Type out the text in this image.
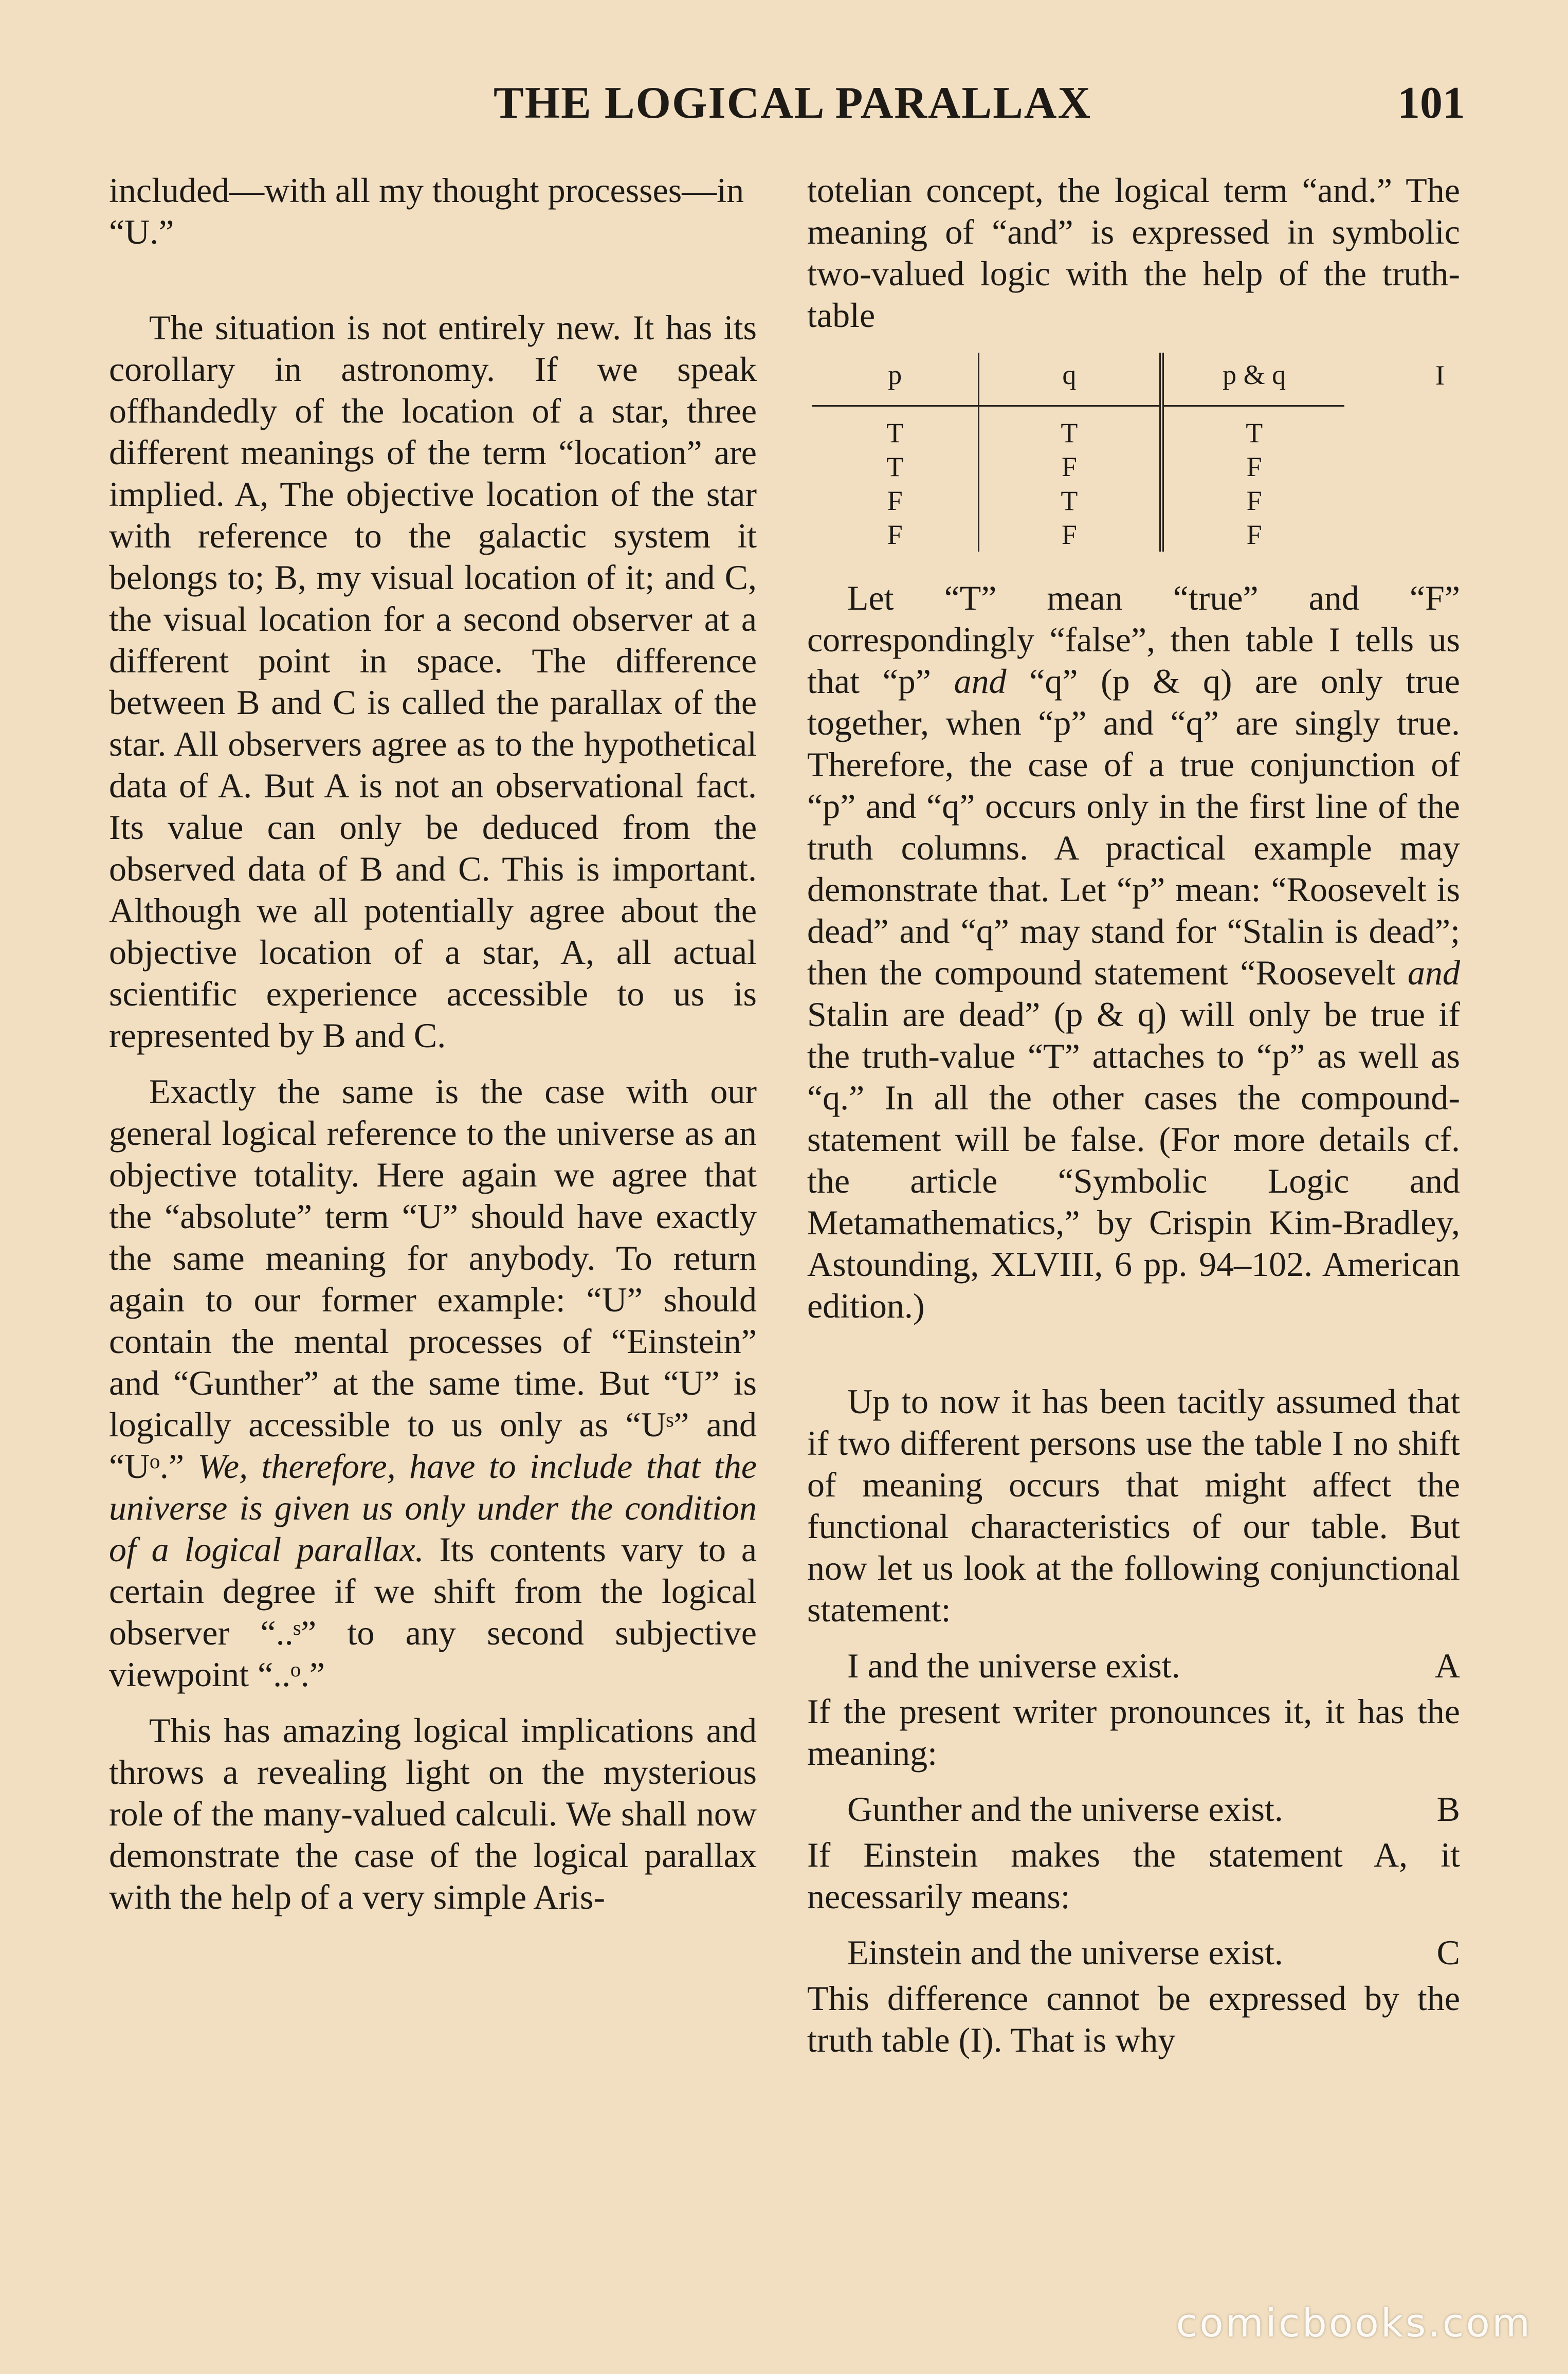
THE LOGICAL PARALLAX	101

included—with all my thought processes—in “U.”

The situation is not entirely new. It has its corollary in astronomy. If we speak offhandedly of the location of a star, three different meanings of the term “location” are implied. A, The objective location of the star with reference to the galactic system it belongs to; B, my visual location of it; and C, the visual location for a second observer at a different point in space. The difference between B and C is called the parallax of the star. All observers agree as to the hypothetical data of A. But A is not an observational fact. Its value can only be deduced from the observed data of B and C. This is important. Although we all potentially agree about the objective location of a star, A, all actual scientific experience accessible to us is represented by B and C.

Exactly the same is the case with our general logical reference to the universe as an objective totality. Here again we agree that the “absolute” term “U” should have exactly the same meaning for anybody. To return again to our former example: “U” should contain the mental processes of “Einstein” and “Gunther” at the same time. But “U” is logically accessible to us only as “Uˢ” and “Uᵒ.” We, therefore, have to include that the universe is given us only under the condition of a logical parallax. Its contents vary to a certain degree if we shift from the logical observer “..ˢ” to any second subjective viewpoint “..ᵒ.”

This has amazing logical implications and throws a revealing light on the mysterious role of the many-valued calculi. We shall now demonstrate the case of the logical parallax with the help of a very simple Aris-

totelian concept, the logical term “and.” The meaning of “and” is expressed in symbolic two-valued logic with the help of the truth-table

p	q	p & q	I
T	T	T	
T	F	F	
F	T	F	
F	F	F	

Let “T” mean “true” and “F” correspondingly “false”, then table I tells us that “p” and “q” (p & q) are only true together, when “p” and “q” are singly true. Therefore, the case of a true conjunction of “p” and “q” occurs only in the first line of the truth columns. A practical example may demonstrate that. Let “p” mean: “Roosevelt is dead” and “q” may stand for “Stalin is dead”; then the compound statement “Roosevelt and Stalin are dead” (p & q) will only be true if the truth-value “T” attaches to “p” as well as “q.” In all the other cases the compound-statement will be false. (For more details cf. the article “Symbolic Logic and Metamathematics,” by Crispin Kim-Bradley, Astounding, XLVIII, 6 pp. 94–102. American edition.)

Up to now it has been tacitly assumed that if two different persons use the table I no shift of meaning occurs that might affect the functional characteristics of our table. But now let us look at the following conjunctional statement:

I and the universe exist.	A

If the present writer pronounces it, it has the meaning:

Gunther and the universe exist.	B

If Einstein makes the statement A, it necessarily means:

Einstein and the universe exist.	C

This difference cannot be expressed by the truth table (I). That is why

comicbooks.com
